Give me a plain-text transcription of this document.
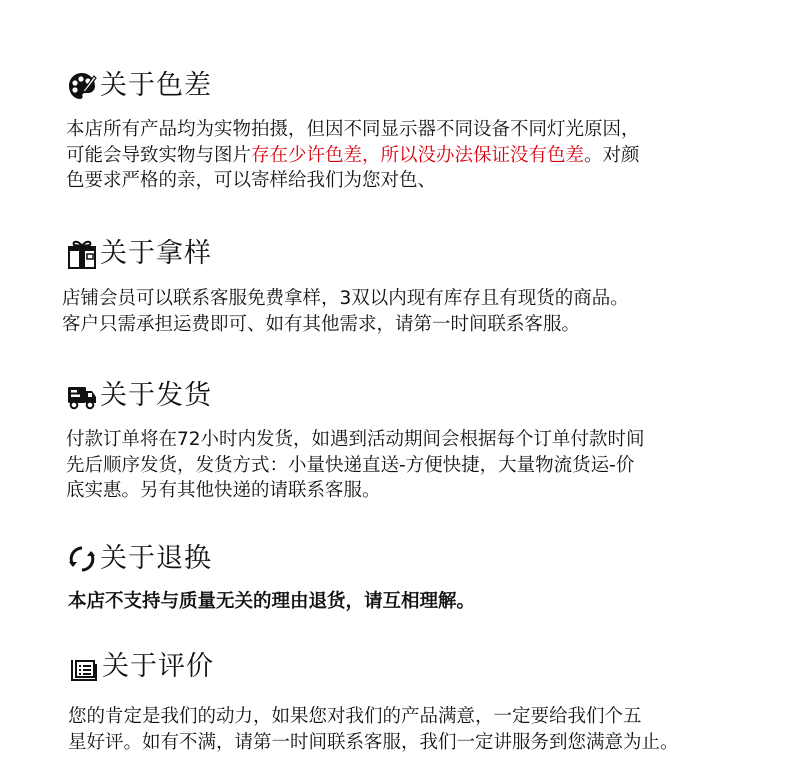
关于色差

本店所有产品均为实物拍摄，但因不同显示器不同设备不同灯光原因，

可能会导致实物与图片存在少许色差，所以没办法保证没有色差。对颜

色要求严格的亲，可以寄样给我们为您对色、

关于拿样

店铺会员可以联系客服免费拿样，3双以内现有库存且有现货的商品。

客户只需承担运费即可、如有其他需求，请第一时间联系客服。

关于发货

付款订单将在72小时内发货，如遇到活动期间会根据每个订单付款时间

先后顺序发货，发货方式：小量快递直送-方便快捷，大量物流货运-价

底实惠。另有其他快递的请联系客服。

关于退换

本店不支持与质量无关的理由退货，请互相理解。

关于评价

您的肯定是我们的动力，如果您对我们的产品满意，一定要给我们个五

星好评。如有不满，请第一时间联系客服，我们一定讲服务到您满意为止。
